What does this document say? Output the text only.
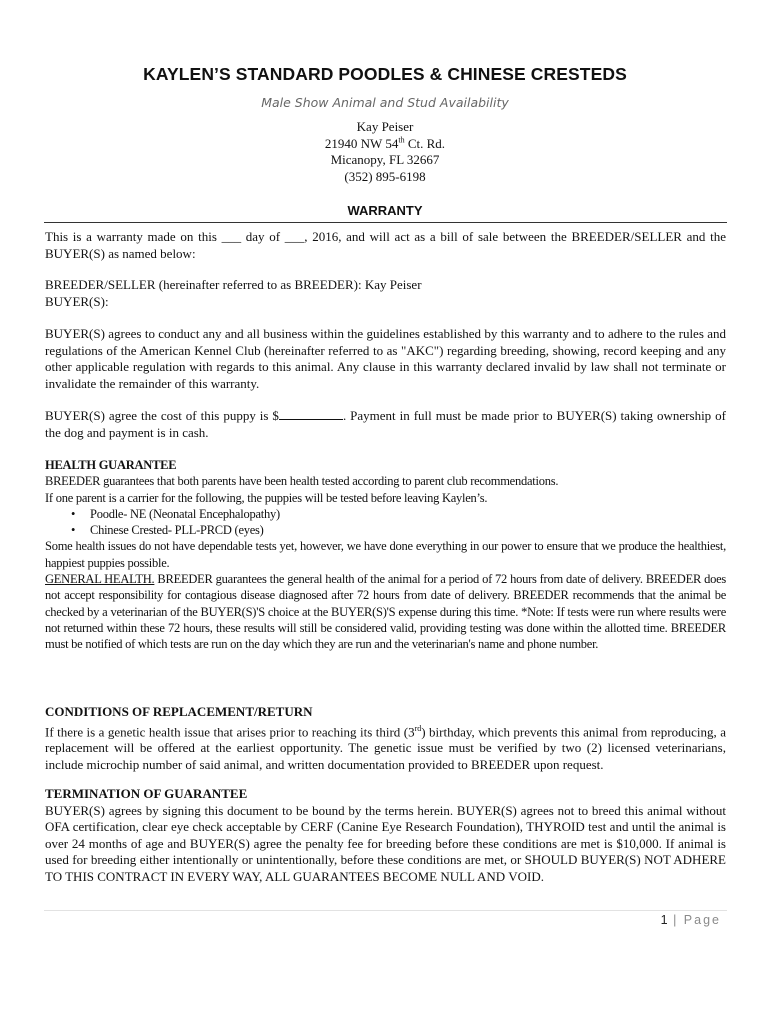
KAYLEN’S STANDARD POODLES & CHINESE CRESTEDS
Male Show Animal and Stud Availability
Kay Peiser
21940 NW 54th Ct. Rd.
Micanopy, FL 32667
(352) 895-6198
WARRANTY
This is a warranty made on this ___ day of ___, 2016, and will act as a bill of sale between the BREEDER/SELLER and the BUYER(S) as named below:
BREEDER/SELLER (hereinafter referred to as BREEDER): Kay Peiser
BUYER(S):
BUYER(S) agrees to conduct any and all business within the guidelines established by this warranty and to adhere to the rules and regulations of the American Kennel Club (hereinafter referred to as "AKC") regarding breeding, showing, record keeping and any other applicable regulation with regards to this animal. Any clause in this warranty declared invalid by law shall not terminate or invalidate the remainder of this warranty.
BUYER(S) agree the cost of this puppy is $	. Payment in full must be made prior to BUYER(S) taking ownership of the dog and payment is in cash.
HEALTH GUARANTEE
BREEDER guarantees that both parents have been health tested according to parent club recommendations.
If one parent is a carrier for the following, the puppies will be tested before leaving Kaylen’s.
• Poodle- NE (Neonatal Encephalopathy)
• Chinese Crested- PLL-PRCD (eyes)
Some health issues do not have dependable tests yet, however, we have done everything in our power to ensure that we produce the healthiest, happiest puppies possible.
GENERAL HEALTH. BREEDER guarantees the general health of the animal for a period of 72 hours from date of delivery. BREEDER does not accept responsibility for contagious disease diagnosed after 72 hours from date of delivery. BREEDER recommends that the animal be checked by a veterinarian of the BUYER(S)'S choice at the BUYER(S)'S expense during this time. *Note: If tests were run where results were not returned within these 72 hours, these results will still be considered valid, providing testing was done within the allotted time. BREEDER must be notified of which tests are run on the day which they are run and the veterinarian's name and phone number.
CONDITIONS OF REPLACEMENT/RETURN
If there is a genetic health issue that arises prior to reaching its third (3rd) birthday, which prevents this animal from reproducing, a replacement will be offered at the earliest opportunity. The genetic issue must be verified by two (2) licensed veterinarians, include microchip number of said animal, and written documentation provided to BREEDER upon request.
TERMINATION OF GUARANTEE
BUYER(S) agrees by signing this document to be bound by the terms herein. BUYER(S) agrees not to breed this animal without OFA certification, clear eye check acceptable by CERF (Canine Eye Research Foundation), THYROID test and until the animal is over 24 months of age and BUYER(S) agree the penalty fee for breeding before these conditions are met is $10,000. If animal is used for breeding either intentionally or unintentionally, before these conditions are met, or SHOULD BUYER(S) NOT ADHERE TO THIS CONTRACT IN EVERY WAY, ALL GUARANTEES BECOME NULL AND VOID.
1 | Page
